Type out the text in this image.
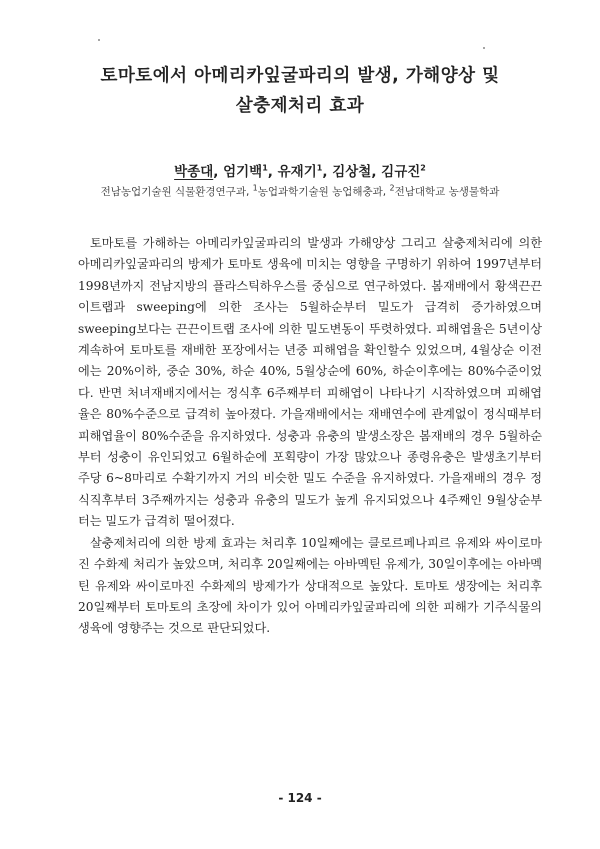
토마토에서 아메리카잎굴파리의 발생, 가해양상 및
살충제처리 효과
박종대, 엄기백$^1$, 유재기$^1$, 김상철, 김규진$^2$
전남농업기술원 식물환경연구과, $^1$농업과학기술원 농업해충과, $^2$전남대학교 농생물학과

토마토를 가해하는 아메리카잎굴파리의 발생과 가해양상 그리고 살충제처리에 의한 아메리카잎굴파리의 방제가 토마토 생육에 미치는 영향을 구명하기 위하여 1997년부터 1998년까지 전남지방의 플라스틱하우스를 중심으로 연구하였다. 봄재배에서 황색끈끈이트랩과 sweeping에 의한 조사는 5월하순부터 밀도가 급격히 증가하였으며 sweeping보다는 끈끈이트랩 조사에 의한 밀도변동이 뚜렷하였다. 피해엽율은 5년이상 계속하여 토마토를 재배한 포장에서는 년중 피해엽을 확인할수 있었으며, 4월상순 이전에는 20%이하, 중순 30%, 하순 40%, 5월상순에 60%, 하순이후에는 80%수준이었다. 반면 처녀재배지에서는 정식후 6주째부터 피해엽이 나타나기 시작하였으며 피해엽율은 80%수준으로 급격히 높아졌다. 가을재배에서는 재배연수에 관계없이 정식때부터 피해엽율이 80%수준을 유지하였다. 성충과 유충의 발생소장은 봄재배의 경우 5월하순부터 성충이 유인되었고 6월하순에 포획량이 가장 많았으나 종령유충은 발생초기부터 주당 6~8마리로 수확기까지 거의 비슷한 밀도 수준을 유지하였다. 가을재배의 경우 정식직후부터 3주째까지는 성충과 유충의 밀도가 높게 유지되었으나 4주째인 9월상순부터는 밀도가 급격히 떨어졌다.

살충제처리에 의한 방제 효과는 처리후 10일째에는 클로르페나피르 유제와 싸이로마진 수화제 처리가 높았으며, 처리후 20일째에는 아바멕틴 유제가, 30일이후에는 아바멕틴 유제와 싸이로마진 수화제의 방제가가 상대적으로 높았다. 토마토 생장에는 처리후 20일째부터 토마토의 초장에 차이가 있어 아메리카잎굴파리에 의한 피해가 기주식물의 생육에 영향주는 것으로 판단되었다.

- 124 -
